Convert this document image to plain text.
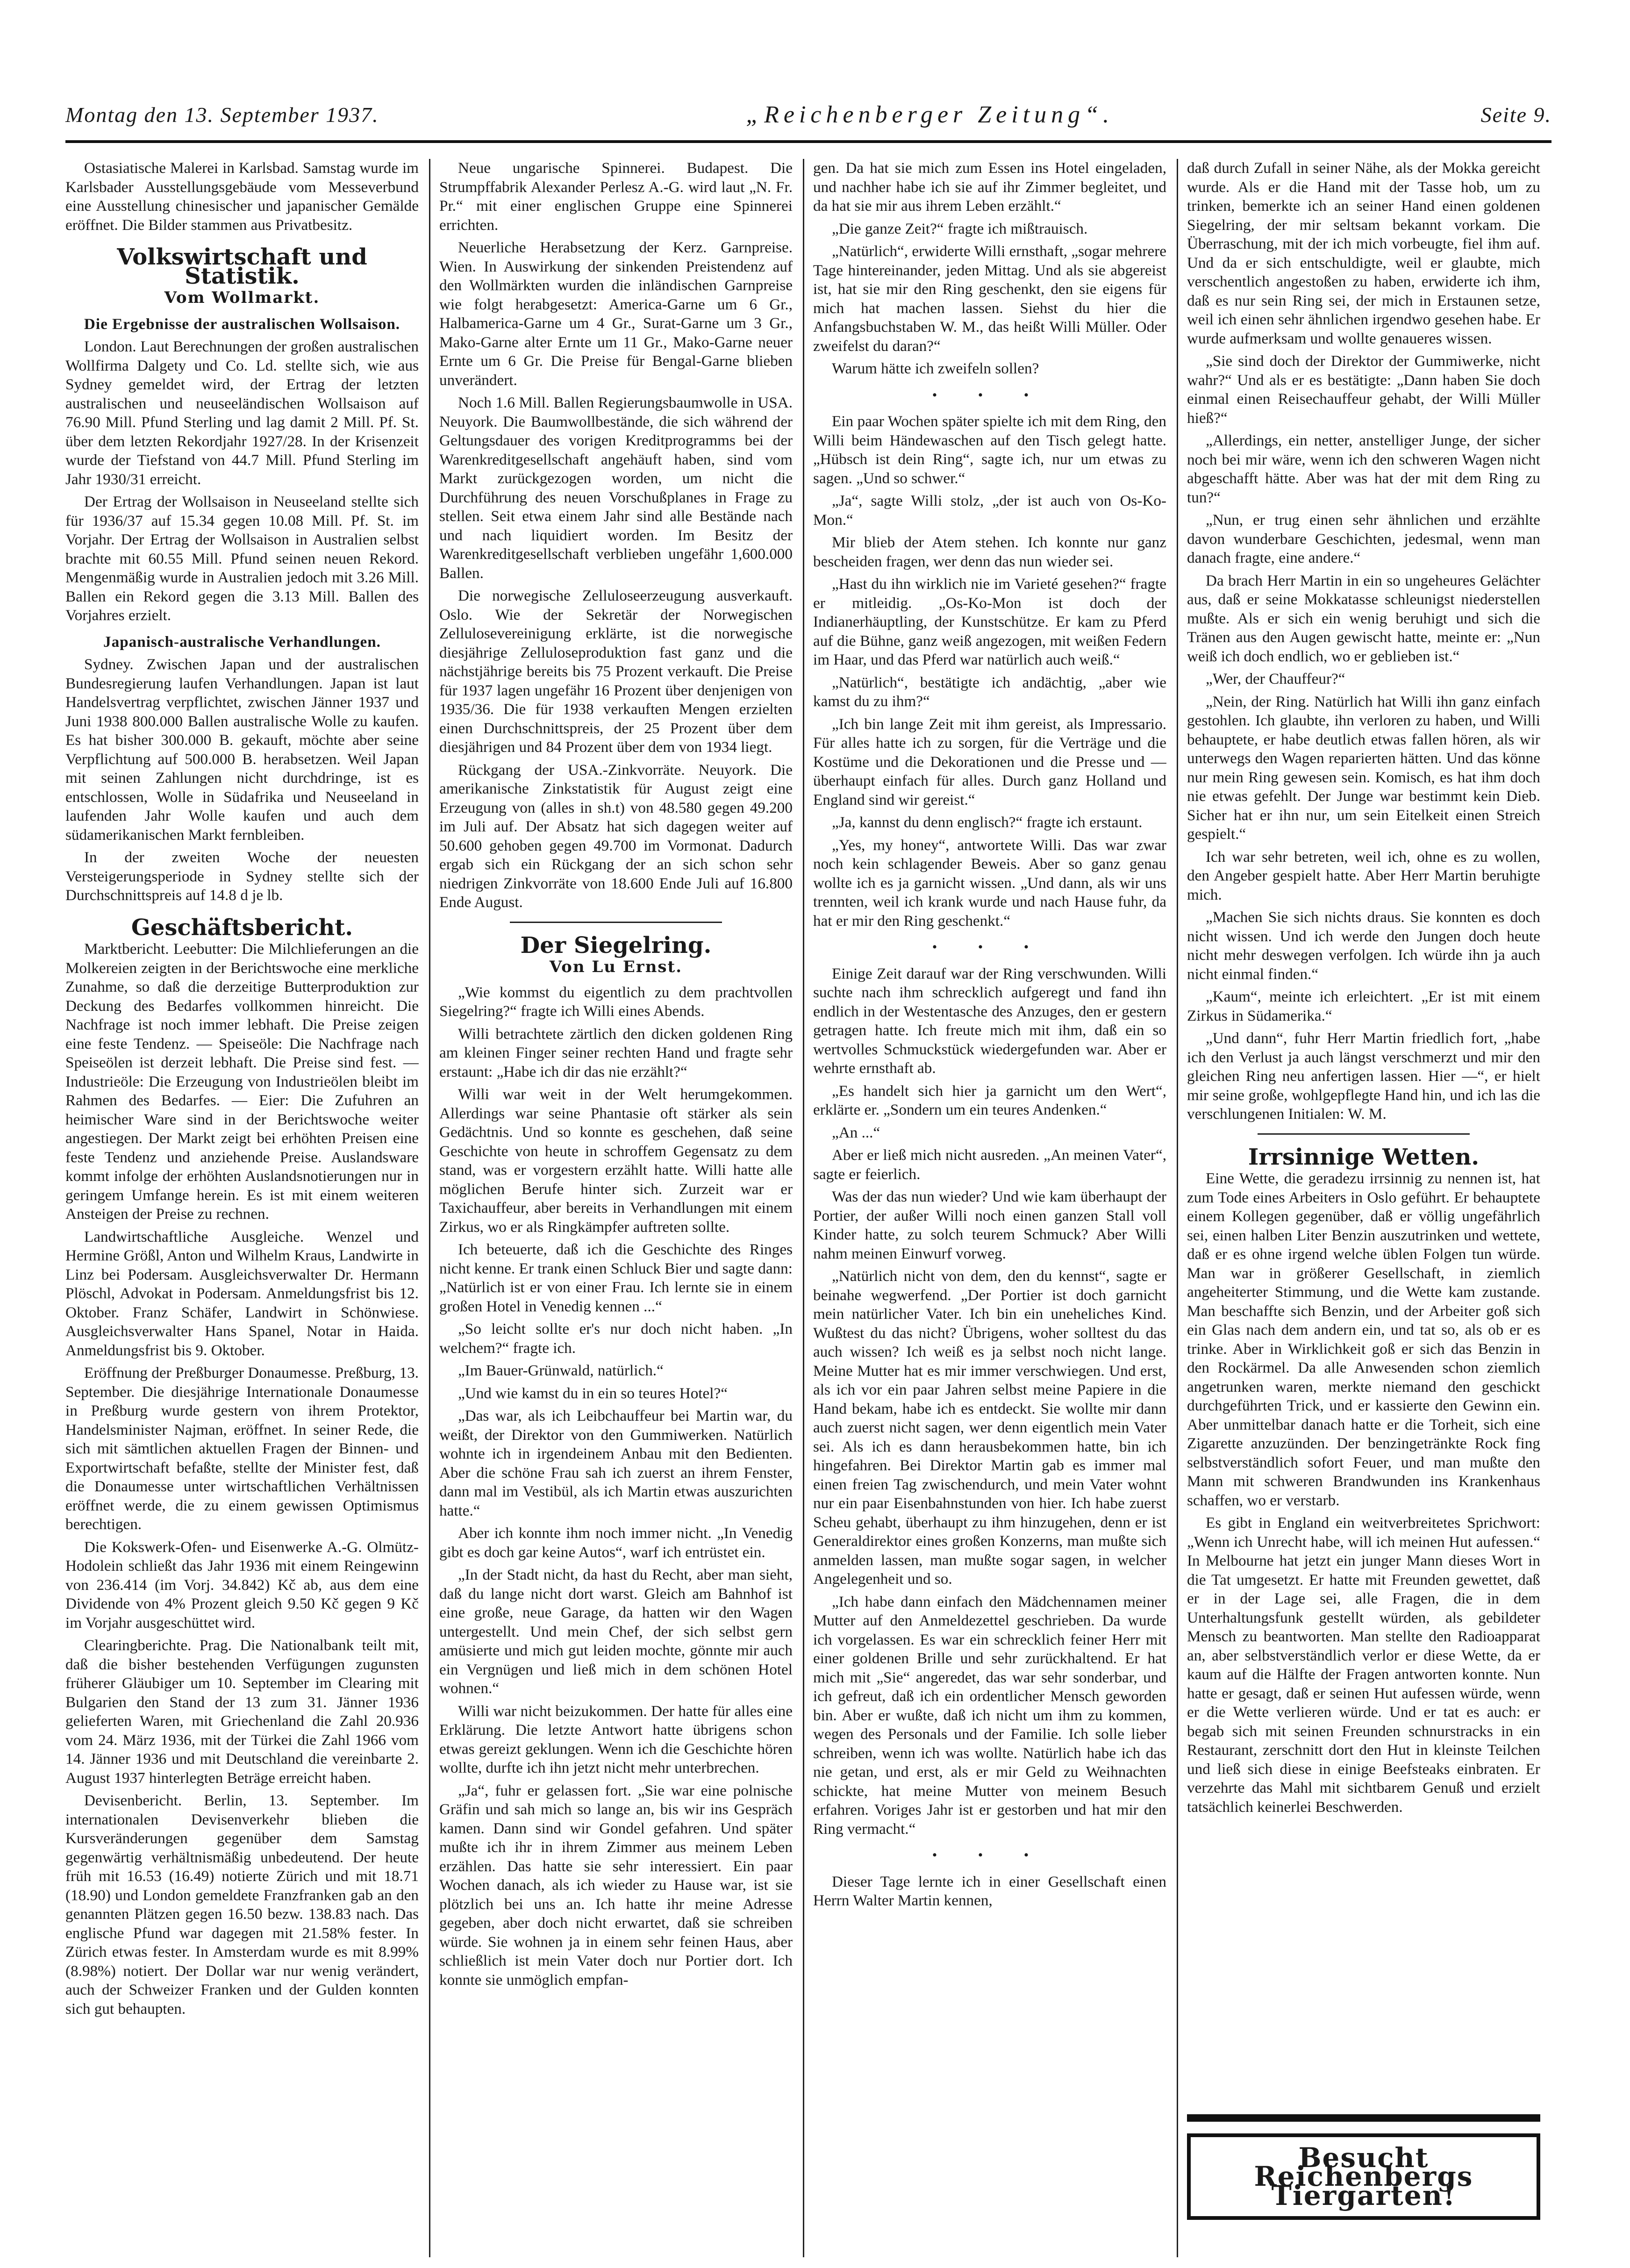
Montag den 13. September 1937.	„Reichenberger Zeitung“.	Seite 9.

Ostasiatische Malerei in Karlsbad. Samstag wurde im Karlsbader Ausstellungsgebäude vom Messeverbund eine Ausstellung chinesischer und japanischer Gemälde eröffnet. Die Bilder stammen aus Privatbesitz.

Volkswirtschaft und Statistik.
Vom Wollmarkt.
Die Ergebnisse der australischen Wollsaison.

London. Laut Berechnungen der großen australischen Wollfirma Dalgety und Co. Ld. stellte sich, wie aus Sydney gemeldet wird, der Ertrag der letzten australischen und neuseeländischen Wollsaison auf 76.90 Mill. Pfund Sterling und lag damit 2 Mill. Pf. St. über dem letzten Rekordjahr 1927/28. In der Krisenzeit wurde der Tiefstand von 44.7 Mill. Pfund Sterling im Jahr 1930/31 erreicht.

Der Ertrag der Wollsaison in Neuseeland stellte sich für 1936/37 auf 15.34 gegen 10.08 Mill. Pf. St. im Vorjahr. Der Ertrag der Wollsaison in Australien selbst brachte mit 60.55 Mill. Pfund seinen neuen Rekord. Mengenmäßig wurde in Australien jedoch mit 3.26 Mill. Ballen ein Rekord gegen die 3.13 Mill. Ballen des Vorjahres erzielt.

Japanisch-australische Verhandlungen.

Sydney. Zwischen Japan und der australischen Bundesregierung laufen Verhandlungen. Japan ist laut Handelsvertrag verpflichtet, zwischen Jänner 1937 und Juni 1938 800.000 Ballen australische Wolle zu kaufen. Es hat bisher 300.000 B. gekauft, möchte aber seine Verpflichtung auf 500.000 B. herabsetzen. Weil Japan mit seinen Zahlungen nicht durchdringe, ist es entschlossen, Wolle in Südafrika und Neuseeland in laufenden Jahr Wolle kaufen und auch dem südamerikanischen Markt fernbleiben.

In der zweiten Woche der neuesten Versteigerungsperiode in Sydney stellte sich der Durchschnittspreis auf 14.8 d je lb.

Geschäftsbericht.

Marktbericht. Leebutter: Die Milchlieferungen an die Molkereien zeigten in der Berichtswoche eine merkliche Zunahme, so daß die derzeitige Butterproduktion zur Deckung des Bedarfes vollkommen hinreicht. Die Nachfrage ist noch immer lebhaft. Die Preise zeigen eine feste Tendenz. — Speiseöle: Die Nachfrage nach Speiseölen ist derzeit lebhaft. Die Preise sind fest. — Industrieöle: Die Erzeugung von Industrieölen bleibt im Rahmen des Bedarfes. — Eier: Die Zufuhren an heimischer Ware sind in der Berichtswoche weiter angestiegen. Der Markt zeigt bei erhöhten Preisen eine feste Tendenz und anziehende Preise. Auslandsware kommt infolge der erhöhten Auslandsnotierungen nur in geringem Umfange herein. Es ist mit einem weiteren Ansteigen der Preise zu rechnen.

Landwirtschaftliche Ausgleiche. Wenzel und Hermine Größl, Anton und Wilhelm Kraus, Landwirte in Linz bei Podersam. Ausgleichsverwalter Dr. Hermann Plöschl, Advokat in Podersam. Anmeldungsfrist bis 12. Oktober. Franz Schäfer, Landwirt in Schönwiese. Ausgleichsverwalter Hans Spanel, Notar in Haida. Anmeldungsfrist bis 9. Oktober.

Eröffnung der Preßburger Donaumesse. Preßburg, 13. September. Die diesjährige Internationale Donaumesse in Preßburg wurde gestern von ihrem Protektor, Handelsminister Najman, eröffnet. In seiner Rede, die sich mit sämtlichen aktuellen Fragen der Binnen- und Exportwirtschaft befaßte, stellte der Minister fest, daß die Donaumesse unter wirtschaftlichen Verhältnissen eröffnet werde, die zu einem gewissen Optimismus berechtigen.

Die Kokswerk-Ofen- und Eisenwerke A.-G. Olmütz-Hodolein schließt das Jahr 1936 mit einem Reingewinn von 236.414 (im Vorj. 34.842) Kč ab, aus dem eine Dividende von 4% Prozent gleich 9.50 Kč gegen 9 Kč im Vorjahr ausgeschüttet wird.

Clearingberichte. Prag. Die Nationalbank teilt mit, daß die bisher bestehenden Verfügungen zugunsten früherer Gläubiger um 10. September im Clearing mit Bulgarien den Stand der 13 zum 31. Jänner 1936 gelieferten Waren, mit Griechenland die Zahl 20.936 vom 24. März 1936, mit der Türkei die Zahl 1966 vom 14. Jänner 1936 und mit Deutschland die vereinbarte 2. August 1937 hinterlegten Beträge erreicht haben.

Devisenbericht. Berlin, 13. September. Im internationalen Devisenverkehr blieben die Kursveränderungen gegenüber dem Samstag gegenwärtig verhältnismäßig unbedeutend. Der heute früh mit 16.53 (16.49) notierte Zürich und mit 18.71 (18.90) und London gemeldete Franzfranken gab an den genannten Plätzen gegen 16.50 bezw. 138.83 nach. Das englische Pfund war dagegen mit 21.58% fester. In Zürich etwas fester. In Amsterdam wurde es mit 8.99% (8.98%) notiert. Der Dollar war nur wenig verändert, auch der Schweizer Franken und der Gulden konnten sich gut behaupten.

Neue ungarische Spinnerei. Budapest. Die Strumpffabrik Alexander Perlesz A.-G. wird laut „N. Fr. Pr.“ mit einer englischen Gruppe eine Spinnerei errichten.

Neuerliche Herabsetzung der Kerz. Garnpreise. Wien. In Auswirkung der sinkenden Preistendenz auf den Wollmärkten wurden die inländischen Garnpreise wie folgt herabgesetzt: America-Garne um 6 Gr., Halbamerica-Garne um 4 Gr., Surat-Garne um 3 Gr., Mako-Garne alter Ernte um 11 Gr., Mako-Garne neuer Ernte um 6 Gr. Die Preise für Bengal-Garne blieben unverändert.

Noch 1.6 Mill. Ballen Regierungsbaumwolle in USA. Neuyork. Die Baumwollbestände, die sich während der Geltungsdauer des vorigen Kreditprogramms bei der Warenkreditgesellschaft angehäuft haben, sind vom Markt zurückgezogen worden, um nicht die Durchführung des neuen Vorschußplanes in Frage zu stellen. Seit etwa einem Jahr sind alle Bestände nach und nach liquidiert worden. Im Besitz der Warenkreditgesellschaft verblieben ungefähr 1,600.000 Ballen.

Die norwegische Zelluloseerzeugung ausverkauft. Oslo. Wie der Sekretär der Norwegischen Zellulosevereinigung erklärte, ist die norwegische diesjährige Zelluloseproduktion fast ganz und die nächstjährige bereits bis 75 Prozent verkauft. Die Preise für 1937 lagen ungefähr 16 Prozent über denjenigen von 1935/36. Die für 1938 verkauften Mengen erzielten einen Durchschnittspreis, der 25 Prozent über dem diesjährigen und 84 Prozent über dem von 1934 liegt.

Rückgang der USA.-Zinkvorräte. Neuyork. Die amerikanische Zinkstatistik für August zeigt eine Erzeugung von (alles in sh.t) von 48.580 gegen 49.200 im Juli auf. Der Absatz hat sich dagegen weiter auf 50.600 gehoben gegen 49.700 im Vormonat. Dadurch ergab sich ein Rückgang der an sich schon sehr niedrigen Zinkvorräte von 18.600 Ende Juli auf 16.800 Ende August.

Der Siegelring.
Von Lu Ernst.

„Wie kommst du eigentlich zu dem prachtvollen Siegelring?“ fragte ich Willi eines Abends.

Willi betrachtete zärtlich den dicken goldenen Ring am kleinen Finger seiner rechten Hand und fragte sehr erstaunt: „Habe ich dir das nie erzählt?“

Willi war weit in der Welt herumgekommen. Allerdings war seine Phantasie oft stärker als sein Gedächtnis. Und so konnte es geschehen, daß seine Geschichte von heute in schroffem Gegensatz zu dem stand, was er vorgestern erzählt hatte. Willi hatte alle möglichen Berufe hinter sich. Zurzeit war er Taxichauffeur, aber bereits in Verhandlungen mit einem Zirkus, wo er als Ringkämpfer auftreten sollte.

Ich beteuerte, daß ich die Geschichte des Ringes nicht kenne. Er trank einen Schluck Bier und sagte dann: „Natürlich ist er von einer Frau. Ich lernte sie in einem großen Hotel in Venedig kennen ...“

„So leicht sollte er's nur doch nicht haben. „In welchem?“ fragte ich.

„Im Bauer-Grünwald, natürlich.“

„Und wie kamst du in ein so teures Hotel?“

„Das war, als ich Leibchauffeur bei Martin war, du weißt, der Direktor von den Gummiwerken. Natürlich wohnte ich in irgendeinem Anbau mit den Bedienten. Aber die schöne Frau sah ich zuerst an ihrem Fenster, dann mal im Vestibül, als ich Martin etwas auszurichten hatte.“

Aber ich konnte ihm noch immer nicht. „In Venedig gibt es doch gar keine Autos“, warf ich entrüstet ein.

„In der Stadt nicht, da hast du Recht, aber man sieht, daß du lange nicht dort warst. Gleich am Bahnhof ist eine große, neue Garage, da hatten wir den Wagen untergestellt. Und mein Chef, der sich selbst gern amüsierte und mich gut leiden mochte, gönnte mir auch ein Vergnügen und ließ mich in dem schönen Hotel wohnen.“

Willi war nicht beizukommen. Der hatte für alles eine Erklärung. Die letzte Antwort hatte übrigens schon etwas gereizt geklungen. Wenn ich die Geschichte hören wollte, durfte ich ihn jetzt nicht mehr unterbrechen.

„Ja“, fuhr er gelassen fort. „Sie war eine polnische Gräfin und sah mich so lange an, bis wir ins Gespräch kamen. Dann sind wir Gondel gefahren. Und später mußte ich ihr in ihrem Zimmer aus meinem Leben erzählen. Das hatte sie sehr interessiert. Ein paar Wochen danach, als ich wieder zu Hause war, ist sie plötzlich bei uns an. Ich hatte ihr meine Adresse gegeben, aber doch nicht erwartet, daß sie schreiben würde. Sie wohnen ja in einem sehr feinen Haus, aber schließlich ist mein Vater doch nur Portier dort. Ich konnte sie unmöglich empfan-

gen. Da hat sie mich zum Essen ins Hotel eingeladen, und nachher habe ich sie auf ihr Zimmer begleitet, und da hat sie mir aus ihrem Leben erzählt.“

„Die ganze Zeit?“ fragte ich mißtrauisch.

„Natürlich“, erwiderte Willi ernsthaft, „sogar mehrere Tage hintereinander, jeden Mittag. Und als sie abgereist ist, hat sie mir den Ring geschenkt, den sie eigens für mich hat machen lassen. Siehst du hier die Anfangsbuchstaben W. M., das heißt Willi Müller. Oder zweifelst du daran?“

Warum hätte ich zweifeln sollen?

• • •

Ein paar Wochen später spielte ich mit dem Ring, den Willi beim Händewaschen auf den Tisch gelegt hatte. „Hübsch ist dein Ring“, sagte ich, nur um etwas zu sagen. „Und so schwer.“

„Ja“, sagte Willi stolz, „der ist auch von Os-Ko-Mon.“

Mir blieb der Atem stehen. Ich konnte nur ganz bescheiden fragen, wer denn das nun wieder sei.

„Hast du ihn wirklich nie im Varieté gesehen?“ fragte er mitleidig. „Os-Ko-Mon ist doch der Indianerhäuptling, der Kunstschütze. Er kam zu Pferd auf die Bühne, ganz weiß angezogen, mit weißen Federn im Haar, und das Pferd war natürlich auch weiß.“

„Natürlich“, bestätigte ich andächtig, „aber wie kamst du zu ihm?“

„Ich bin lange Zeit mit ihm gereist, als Impressario. Für alles hatte ich zu sorgen, für die Verträge und die Kostüme und die Dekorationen und die Presse und — überhaupt einfach für alles. Durch ganz Holland und England sind wir gereist.“

„Ja, kannst du denn englisch?“ fragte ich erstaunt.

„Yes, my honey“, antwortete Willi. Das war zwar noch kein schlagender Beweis. Aber so ganz genau wollte ich es ja garnicht wissen. „Und dann, als wir uns trennten, weil ich krank wurde und nach Hause fuhr, da hat er mir den Ring geschenkt.“

• • •

Einige Zeit darauf war der Ring verschwunden. Willi suchte nach ihm schrecklich aufgeregt und fand ihn endlich in der Westentasche des Anzuges, den er gestern getragen hatte. Ich freute mich mit ihm, daß ein so wertvolles Schmuckstück wiedergefunden war. Aber er wehrte ernsthaft ab.

„Es handelt sich hier ja garnicht um den Wert“, erklärte er. „Sondern um ein teures Andenken.“

„An ...“

Aber er ließ mich nicht ausreden. „An meinen Vater“, sagte er feierlich.

Was der das nun wieder? Und wie kam überhaupt der Portier, der außer Willi noch einen ganzen Stall voll Kinder hatte, zu solch teurem Schmuck? Aber Willi nahm meinen Einwurf vorweg.

„Natürlich nicht von dem, den du kennst“, sagte er beinahe wegwerfend. „Der Portier ist doch garnicht mein natürlicher Vater. Ich bin ein uneheliches Kind. Wußtest du das nicht? Übrigens, woher solltest du das auch wissen? Ich weiß es ja selbst noch nicht lange. Meine Mutter hat es mir immer verschwiegen. Und erst, als ich vor ein paar Jahren selbst meine Papiere in die Hand bekam, habe ich es entdeckt. Sie wollte mir dann auch zuerst nicht sagen, wer denn eigentlich mein Vater sei. Als ich es dann herausbekommen hatte, bin ich hingefahren. Bei Direktor Martin gab es immer mal einen freien Tag zwischendurch, und mein Vater wohnt nur ein paar Eisenbahnstunden von hier. Ich habe zuerst Scheu gehabt, überhaupt zu ihm hinzugehen, denn er ist Generaldirektor eines großen Konzerns, man mußte sich anmelden lassen, man mußte sogar sagen, in welcher Angelegenheit und so.

„Ich habe dann einfach den Mädchennamen meiner Mutter auf den Anmeldezettel geschrieben. Da wurde ich vorgelassen. Es war ein schrecklich feiner Herr mit einer goldenen Brille und sehr zurückhaltend. Er hat mich mit „Sie“ angeredet, das war sehr sonderbar, und ich gefreut, daß ich ein ordentlicher Mensch geworden bin. Aber er wußte, daß ich nicht um ihm zu kommen, wegen des Personals und der Familie. Ich solle lieber schreiben, wenn ich was wollte. Natürlich habe ich das nie getan, und erst, als er mir Geld zu Weihnachten schickte, hat meine Mutter von meinem Besuch erfahren. Voriges Jahr ist er gestorben und hat mir den Ring vermacht.“

• • •

Dieser Tage lernte ich in einer Gesellschaft einen Herrn Walter Martin kennen,

daß durch Zufall in seiner Nähe, als der Mokka gereicht wurde. Als er die Hand mit der Tasse hob, um zu trinken, bemerkte ich an seiner Hand einen goldenen Siegelring, der mir seltsam bekannt vorkam. Die Überraschung, mit der ich mich vorbeugte, fiel ihm auf. Und da er sich entschuldigte, weil er glaubte, mich verschentlich angestoßen zu haben, erwiderte ich ihm, daß es nur sein Ring sei, der mich in Erstaunen setze, weil ich einen sehr ähnlichen irgendwo gesehen habe. Er wurde aufmerksam und wollte genaueres wissen.

„Sie sind doch der Direktor der Gummiwerke, nicht wahr?“ Und als er es bestätigte: „Dann haben Sie doch einmal einen Reisechauffeur gehabt, der Willi Müller hieß?“

„Allerdings, ein netter, anstelliger Junge, der sicher noch bei mir wäre, wenn ich den schweren Wagen nicht abgeschafft hätte. Aber was hat der mit dem Ring zu tun?“

„Nun, er trug einen sehr ähnlichen und erzählte davon wunderbare Geschichten, jedesmal, wenn man danach fragte, eine andere.“

Da brach Herr Martin in ein so ungeheures Gelächter aus, daß er seine Mokkatasse schleunigst niederstellen mußte. Als er sich ein wenig beruhigt und sich die Tränen aus den Augen gewischt hatte, meinte er: „Nun weiß ich doch endlich, wo er geblieben ist.“

„Wer, der Chauffeur?“

„Nein, der Ring. Natürlich hat Willi ihn ganz einfach gestohlen. Ich glaubte, ihn verloren zu haben, und Willi behauptete, er habe deutlich etwas fallen hören, als wir unterwegs den Wagen reparierten hätten. Und das könne nur mein Ring gewesen sein. Komisch, es hat ihm doch nie etwas gefehlt. Der Junge war bestimmt kein Dieb. Sicher hat er ihn nur, um sein Eitelkeit einen Streich gespielt.“

Ich war sehr betreten, weil ich, ohne es zu wollen, den Angeber gespielt hatte. Aber Herr Martin beruhigte mich.

„Machen Sie sich nichts draus. Sie konnten es doch nicht wissen. Und ich werde den Jungen doch heute nicht mehr deswegen verfolgen. Ich würde ihn ja auch nicht einmal finden.“

„Kaum“, meinte ich erleichtert. „Er ist mit einem Zirkus in Südamerika.“

„Und dann“, fuhr Herr Martin friedlich fort, „habe ich den Verlust ja auch längst verschmerzt und mir den gleichen Ring neu anfertigen lassen. Hier —“, er hielt mir seine große, wohlgepflegte Hand hin, und ich las die verschlungenen Initialen: W. M.

Irrsinnige Wetten.

Eine Wette, die geradezu irrsinnig zu nennen ist, hat zum Tode eines Arbeiters in Oslo geführt. Er behauptete einem Kollegen gegenüber, daß er völlig ungefährlich sei, einen halben Liter Benzin auszutrinken und wettete, daß er es ohne irgend welche üblen Folgen tun würde. Man war in größerer Gesellschaft, in ziemlich angeheiterter Stimmung, und die Wette kam zustande. Man beschaffte sich Benzin, und der Arbeiter goß sich ein Glas nach dem andern ein, und tat so, als ob er es trinke. Aber in Wirklichkeit goß er sich das Benzin in den Rockärmel. Da alle Anwesenden schon ziemlich angetrunken waren, merkte niemand den geschickt durchgeführten Trick, und er kassierte den Gewinn ein. Aber unmittelbar danach hatte er die Torheit, sich eine Zigarette anzuzünden. Der benzingetränkte Rock fing selbstverständlich sofort Feuer, und man mußte den Mann mit schweren Brandwunden ins Krankenhaus schaffen, wo er verstarb.

Es gibt in England ein weitverbreitetes Sprichwort: „Wenn ich Unrecht habe, will ich meinen Hut aufessen.“ In Melbourne hat jetzt ein junger Mann dieses Wort in die Tat umgesetzt. Er hatte mit Freunden gewettet, daß er in der Lage sei, alle Fragen, die in dem Unterhaltungsfunk gestellt würden, als gebildeter Mensch zu beantworten. Man stellte den Radioapparat an, aber selbstverständlich verlor er diese Wette, da er kaum auf die Hälfte der Fragen antworten konnte. Nun hatte er gesagt, daß er seinen Hut aufessen würde, wenn er die Wette verlieren würde. Und er tat es auch: er begab sich mit seinen Freunden schnurstracks in ein Restaurant, zerschnitt dort den Hut in kleinste Teilchen und ließ sich diese in einige Beefsteaks einbraten. Er verzehrte das Mahl mit sichtbarem Genuß und erzielt tatsächlich keinerlei Beschwerden.

Besucht Reichenbergs Tiergarten!
